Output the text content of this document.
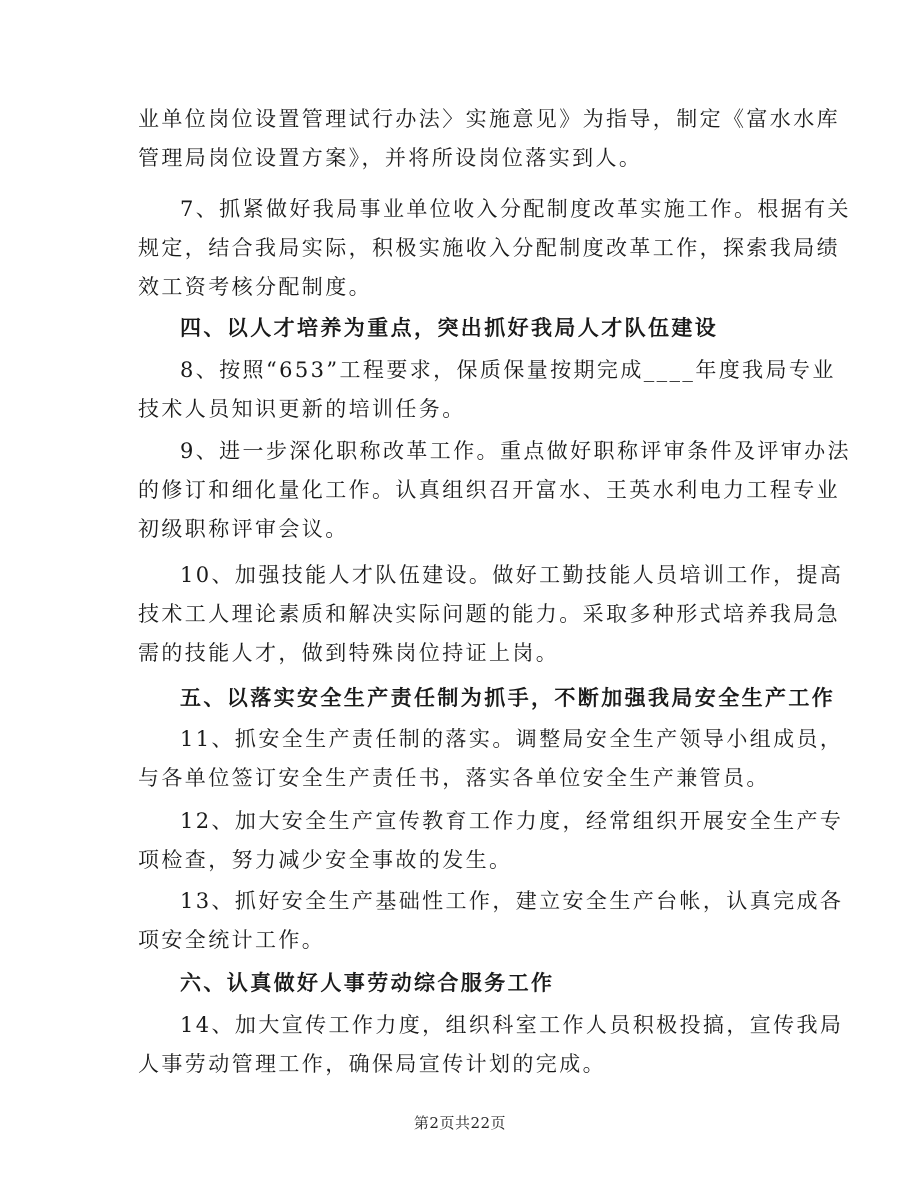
业单位岗位设置管理试行办法〉实施意见》为指导，制定《富水水库
管理局岗位设置方案》，并将所设岗位落实到人。
7、抓紧做好我局事业单位收入分配制度改革实施工作。根据有关
规定，结合我局实际，积极实施收入分配制度改革工作，探索我局绩
效工资考核分配制度。
四、以人才培养为重点，突出抓好我局人才队伍建设
8、按照“653”工程要求，保质保量按期完成____年度我局专业
技术人员知识更新的培训任务。
9、进一步深化职称改革工作。重点做好职称评审条件及评审办法
的修订和细化量化工作。认真组织召开富水、王英水利电力工程专业
初级职称评审会议。
10、加强技能人才队伍建设。做好工勤技能人员培训工作，提高
技术工人理论素质和解决实际问题的能力。采取多种形式培养我局急
需的技能人才，做到特殊岗位持证上岗。
五、以落实安全生产责任制为抓手，不断加强我局安全生产工作
11、抓安全生产责任制的落实。调整局安全生产领导小组成员，
与各单位签订安全生产责任书，落实各单位安全生产兼管员。
12、加大安全生产宣传教育工作力度，经常组织开展安全生产专
项检查，努力减少安全事故的发生。
13、抓好安全生产基础性工作，建立安全生产台帐，认真完成各
项安全统计工作。
六、认真做好人事劳动综合服务工作
14、加大宣传工作力度，组织科室工作人员积极投搞，宣传我局
人事劳动管理工作，确保局宣传计划的完成。
第2页共22页
